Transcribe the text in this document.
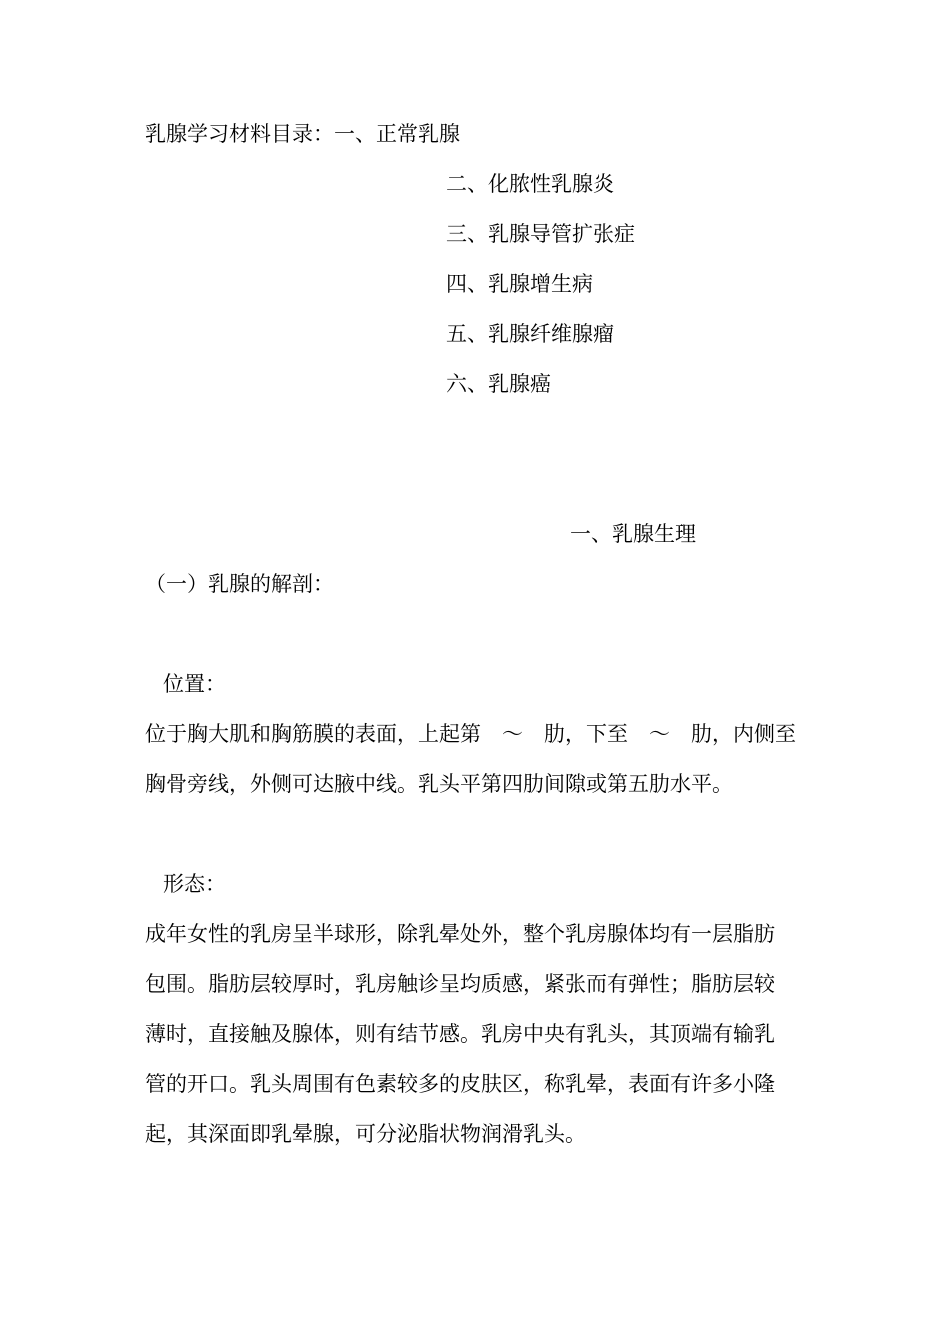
乳腺学习材料目录：一、正常乳腺
二、化脓性乳腺炎
三、乳腺导管扩张症
四、乳腺增生病
五、乳腺纤维腺瘤
六、乳腺癌
一、乳腺生理
（一）乳腺的解剖：
位置：
位于胸大肌和胸筋膜的表面，上起第　～　肋，下至　～　肋，内侧至
胸骨旁线，外侧可达腋中线。乳头平第四肋间隙或第五肋水平。
形态：
成年女性的乳房呈半球形，除乳晕处外，整个乳房腺体均有一层脂肪
包围。脂肪层较厚时，乳房触诊呈均质感，紧张而有弹性；脂肪层较
薄时，直接触及腺体，则有结节感。乳房中央有乳头，其顶端有输乳
管的开口。乳头周围有色素较多的皮肤区，称乳晕，表面有许多小隆
起，其深面即乳晕腺，可分泌脂状物润滑乳头。
